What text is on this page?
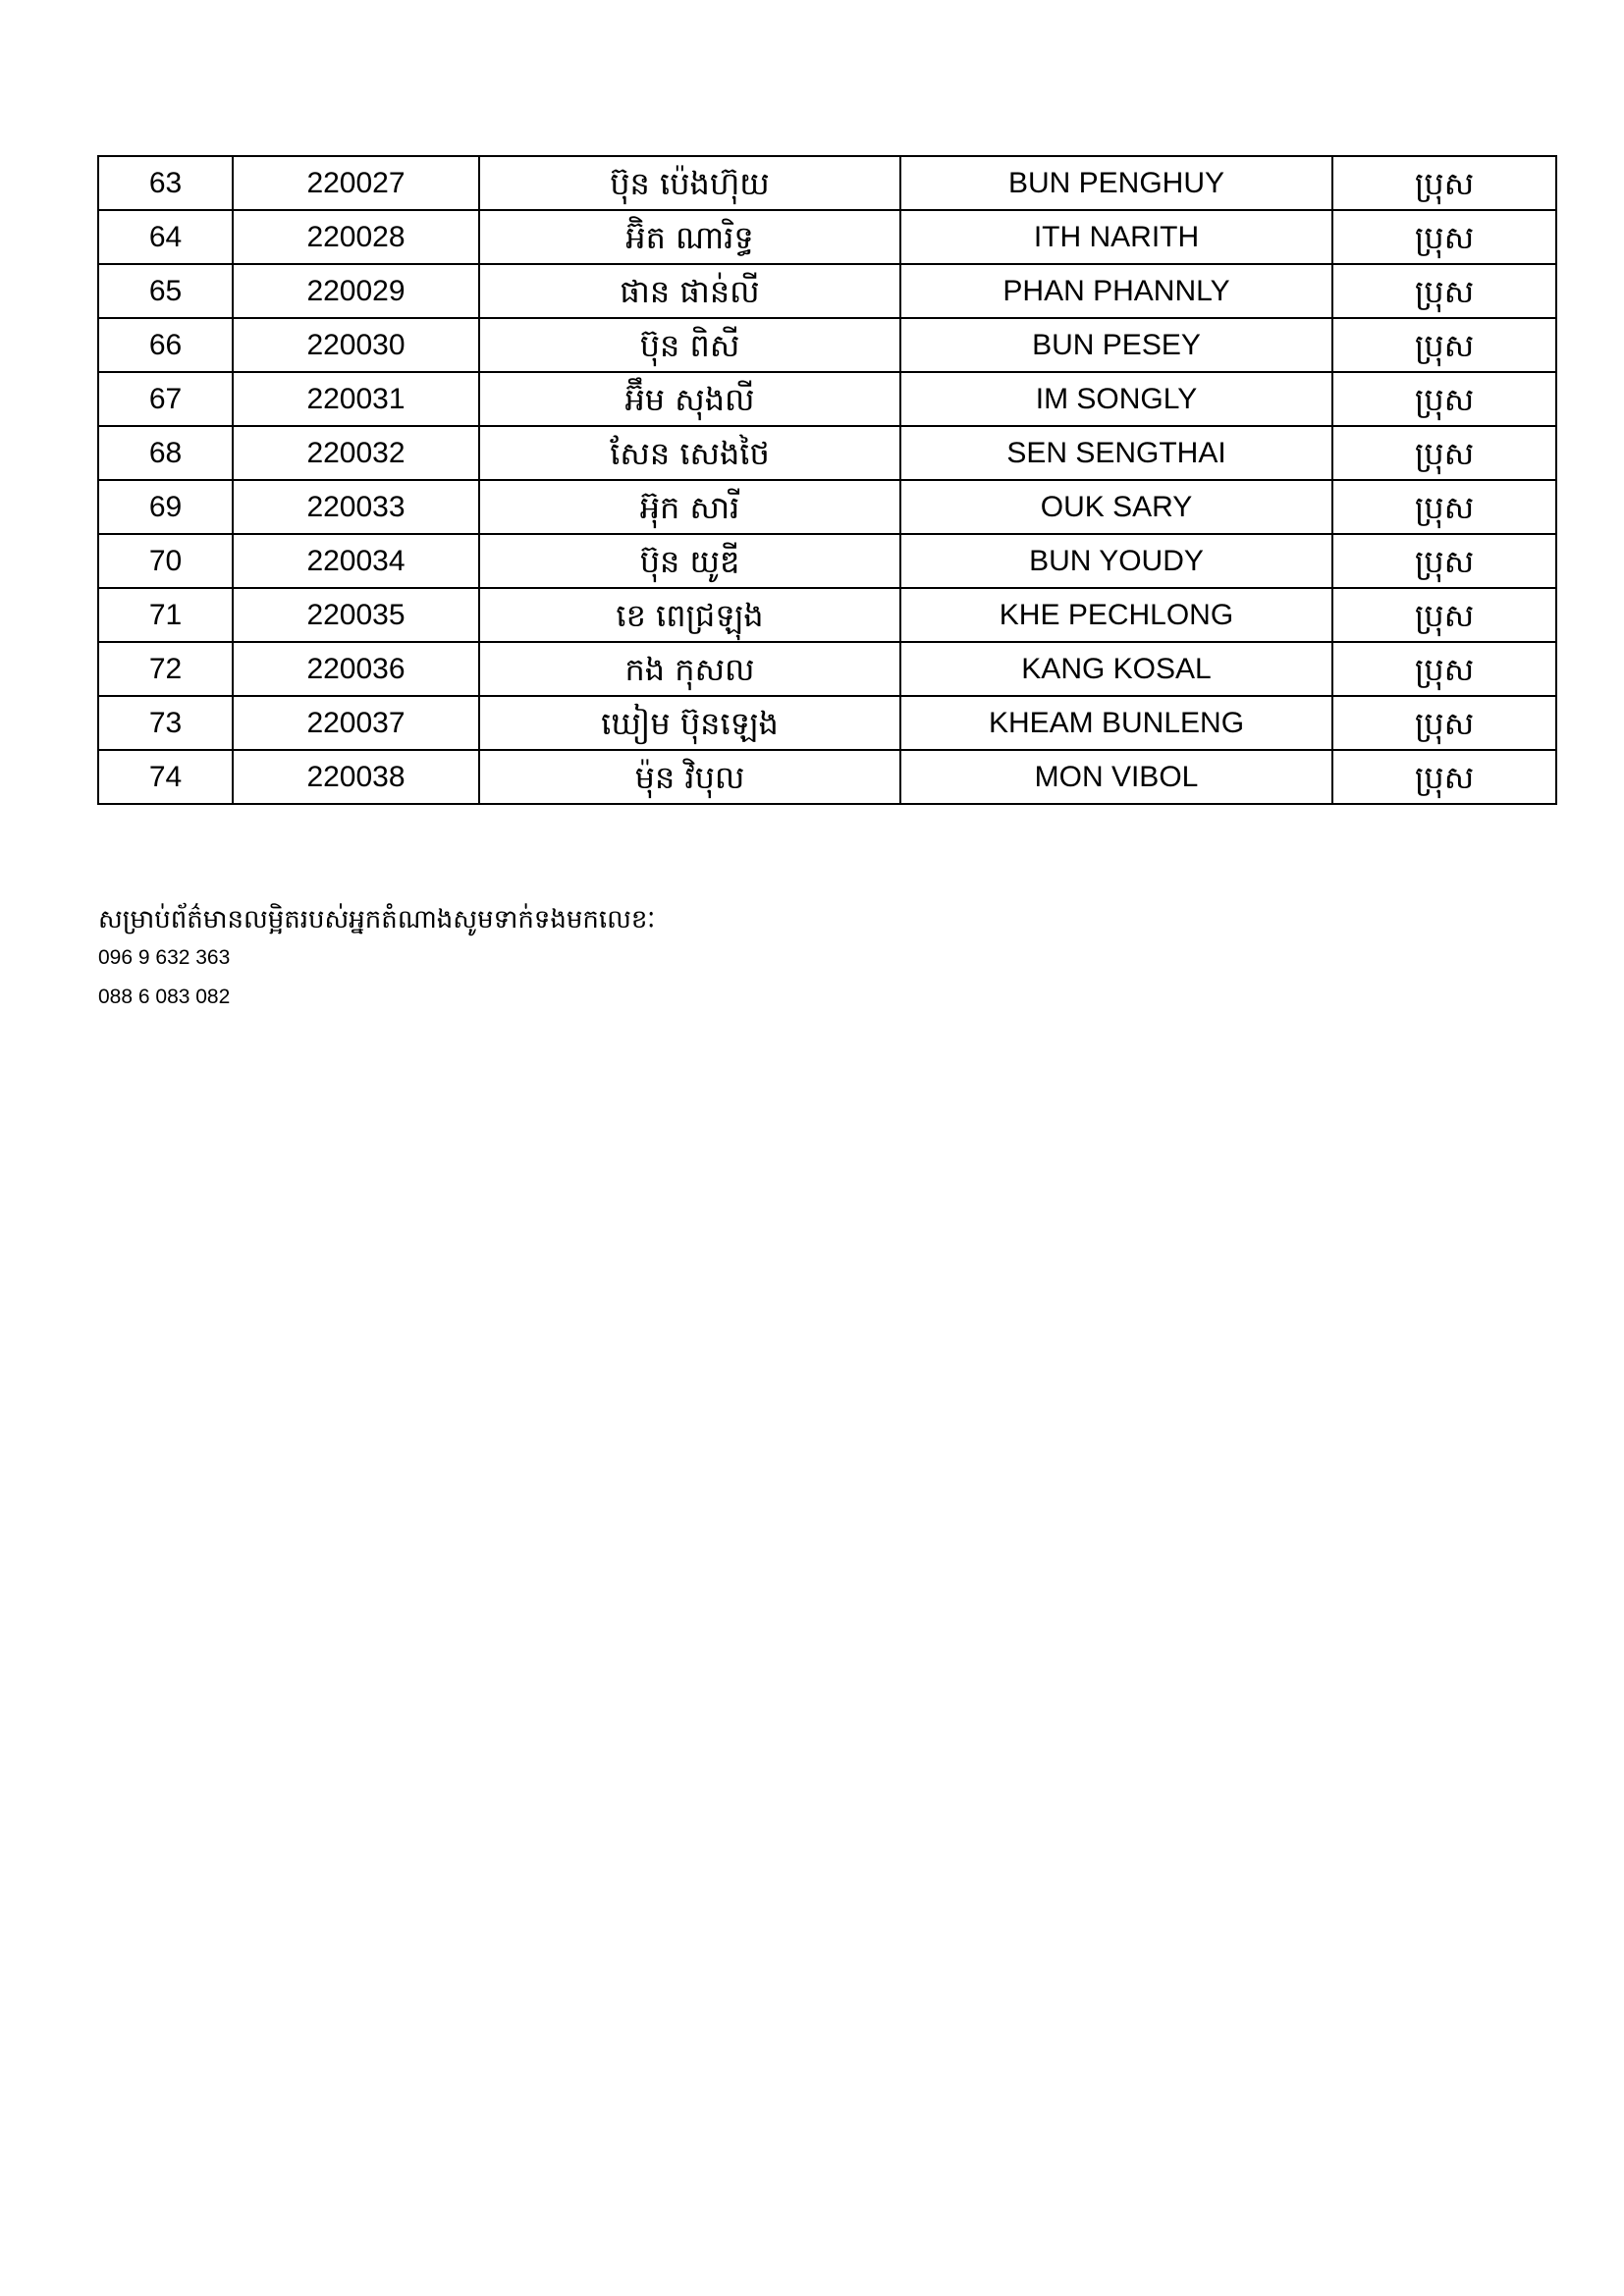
63	220027	ប៊ុន ប៉េងហ៊ុយ	BUN PENGHUY	ប្រុស
64	220028	អ៊ិត ណារិទ្ធ	ITH NARITH	ប្រុស
65	220029	ផាន ផាន់លី	PHAN PHANNLY	ប្រុស
66	220030	ប៊ុន ពិសី	BUN PESEY	ប្រុស
67	220031	អ៊ឹម សុងលី	IM SONGLY	ប្រុស
68	220032	សែន សេងថៃ	SEN SENGTHAI	ប្រុស
69	220033	អ៊ុក សារី	OUK SARY	ប្រុស
70	220034	ប៊ុន យូឌី	BUN YOUDY	ប្រុស
71	220035	ខេ ពេជ្រឡុង	KHE PECHLONG	ប្រុស
72	220036	កង កុសល	KANG KOSAL	ប្រុស
73	220037	ឃៀម ប៊ុនឡេង	KHEAM BUNLENG	ប្រុស
74	220038	ម៉ុន វិបុល	MON VIBOL	ប្រុស
សម្រាប់ព័ត៌មានលម្អិតរបស់អ្នកតំណាងសូមទាក់ទងមកលេខៈ
096 9 632 363
088 6 083 082
